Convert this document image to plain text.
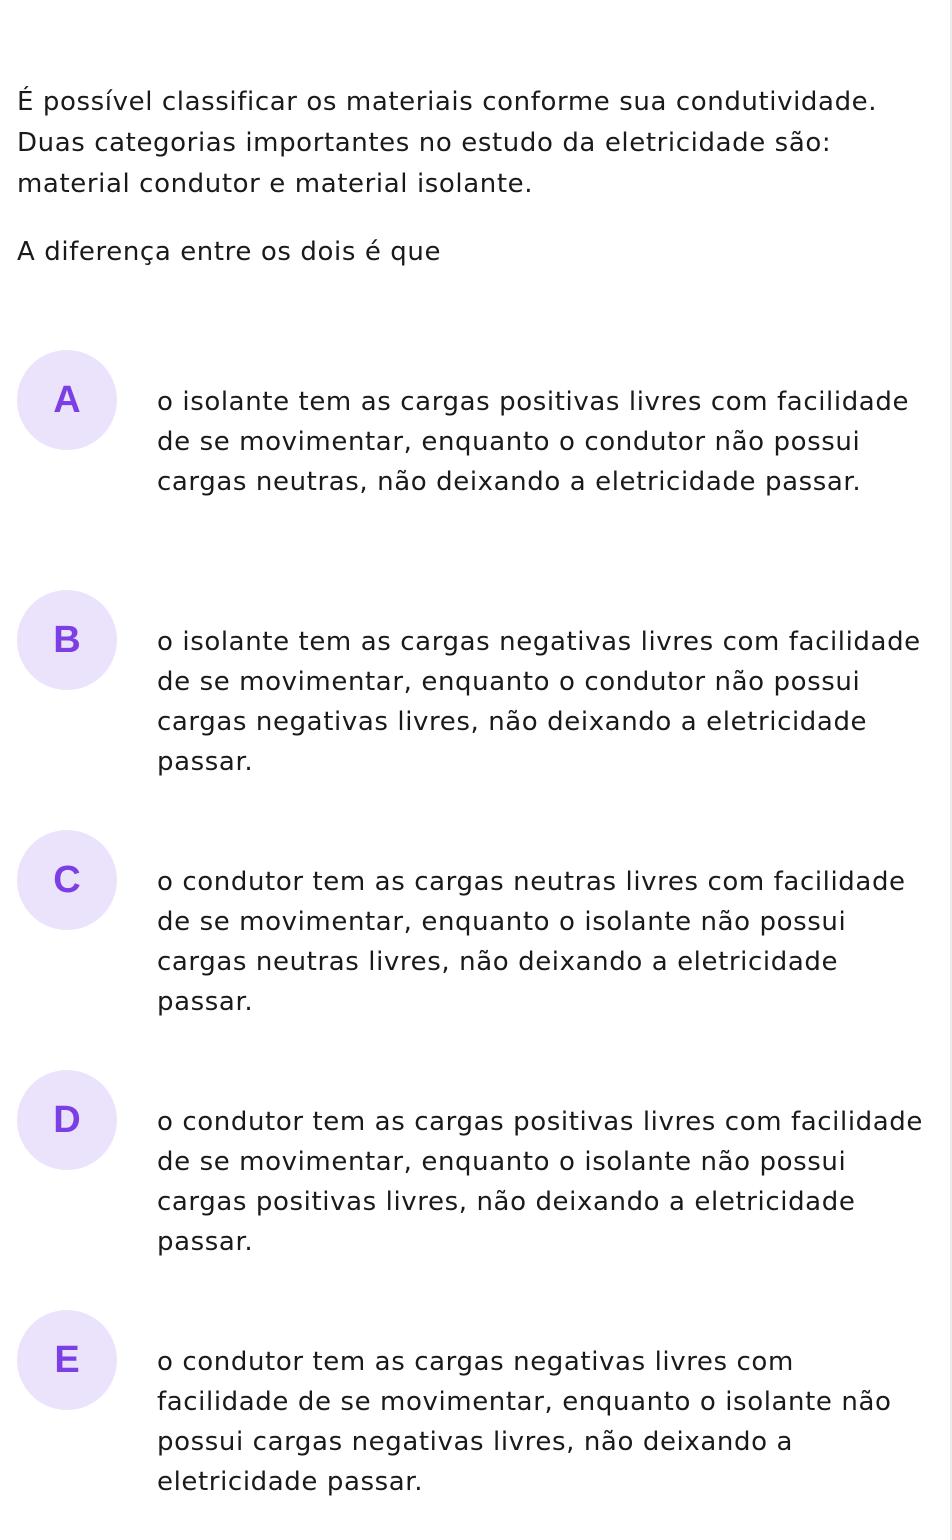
É possível classificar os materiais conforme sua condutividade. Duas categorias importantes no estudo da eletricidade são: material condutor e material isolante.

A diferença entre os dois é que

A	o isolante tem as cargas positivas livres com facilidade de se movimentar, enquanto o condutor não possui cargas neutras, não deixando a eletricidade passar.
B	o isolante tem as cargas negativas livres com facilidade de se movimentar, enquanto o condutor não possui cargas negativas livres, não deixando a eletricidade passar.
C	o condutor tem as cargas neutras livres com facilidade de se movimentar, enquanto o isolante não possui cargas neutras livres, não deixando a eletricidade passar.
D	o condutor tem as cargas positivas livres com facilidade de se movimentar, enquanto o isolante não possui cargas positivas livres, não deixando a eletricidade passar.
E	o condutor tem as cargas negativas livres com facilidade de se movimentar, enquanto o isolante não possui cargas negativas livres, não deixando a eletricidade passar.
